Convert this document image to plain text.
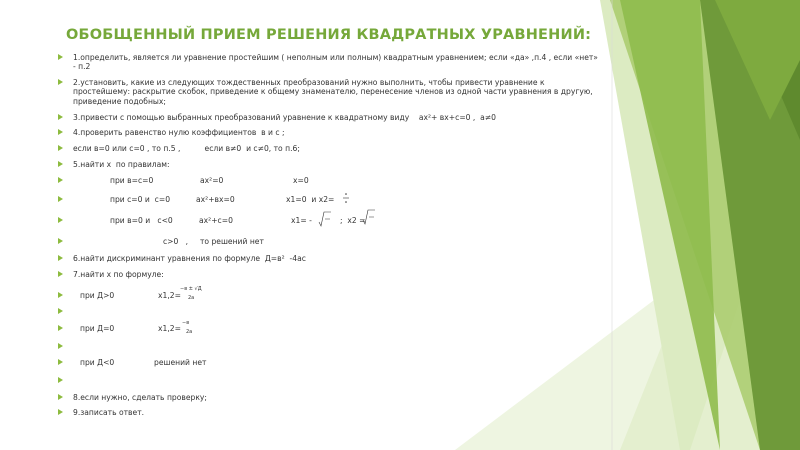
ОБОБЩЕННЫЙ ПРИЕМ РЕШЕНИЯ КВАДРАТНЫХ УРАВНЕНИЙ:
1.определить, является ли уравнение простейшим ( неполным или полным) квадратным уравнением; если «да» ,п.4 , если «нет» - п.2
2.установить, какие из следующих тождественных преобразований нужно выполнить, чтобы привести уравнение к простейшему: раскрытие скобок, приведение к общему знаменателю, перенесение членов из одной части уравнения в другую, приведение подобных;
3.привести с помощью выбранных преобразований уравнение к квадратному виду    ах²+ вх+с=0 ,  а≠0
4.проверить равенство нулю коэффициентов  в и с ;
если в=0 или с=0 , то п.5 ,          если в≠0  и с≠0, то п.6;
5.найти х  по правилам:
при в=с=0	ах²=0	х=0
при с=0 и  с=0	ах²+вх=0	х1=0  и х2=
при в=0 и   с<0	ах²+с=0	х1= -	;  х2 =
с>0   , то решений нет
6.найти дискриминант уравнения по формуле  Д=в²  -4ас
7.найти х по формуле:
при Д>0	х1,2=
−в ± √Д
2а
при Д=0	х1,2=
−в
2а
при Д<0	решений нет
8.если нужно, сделать проверку;
9.записать ответ.
